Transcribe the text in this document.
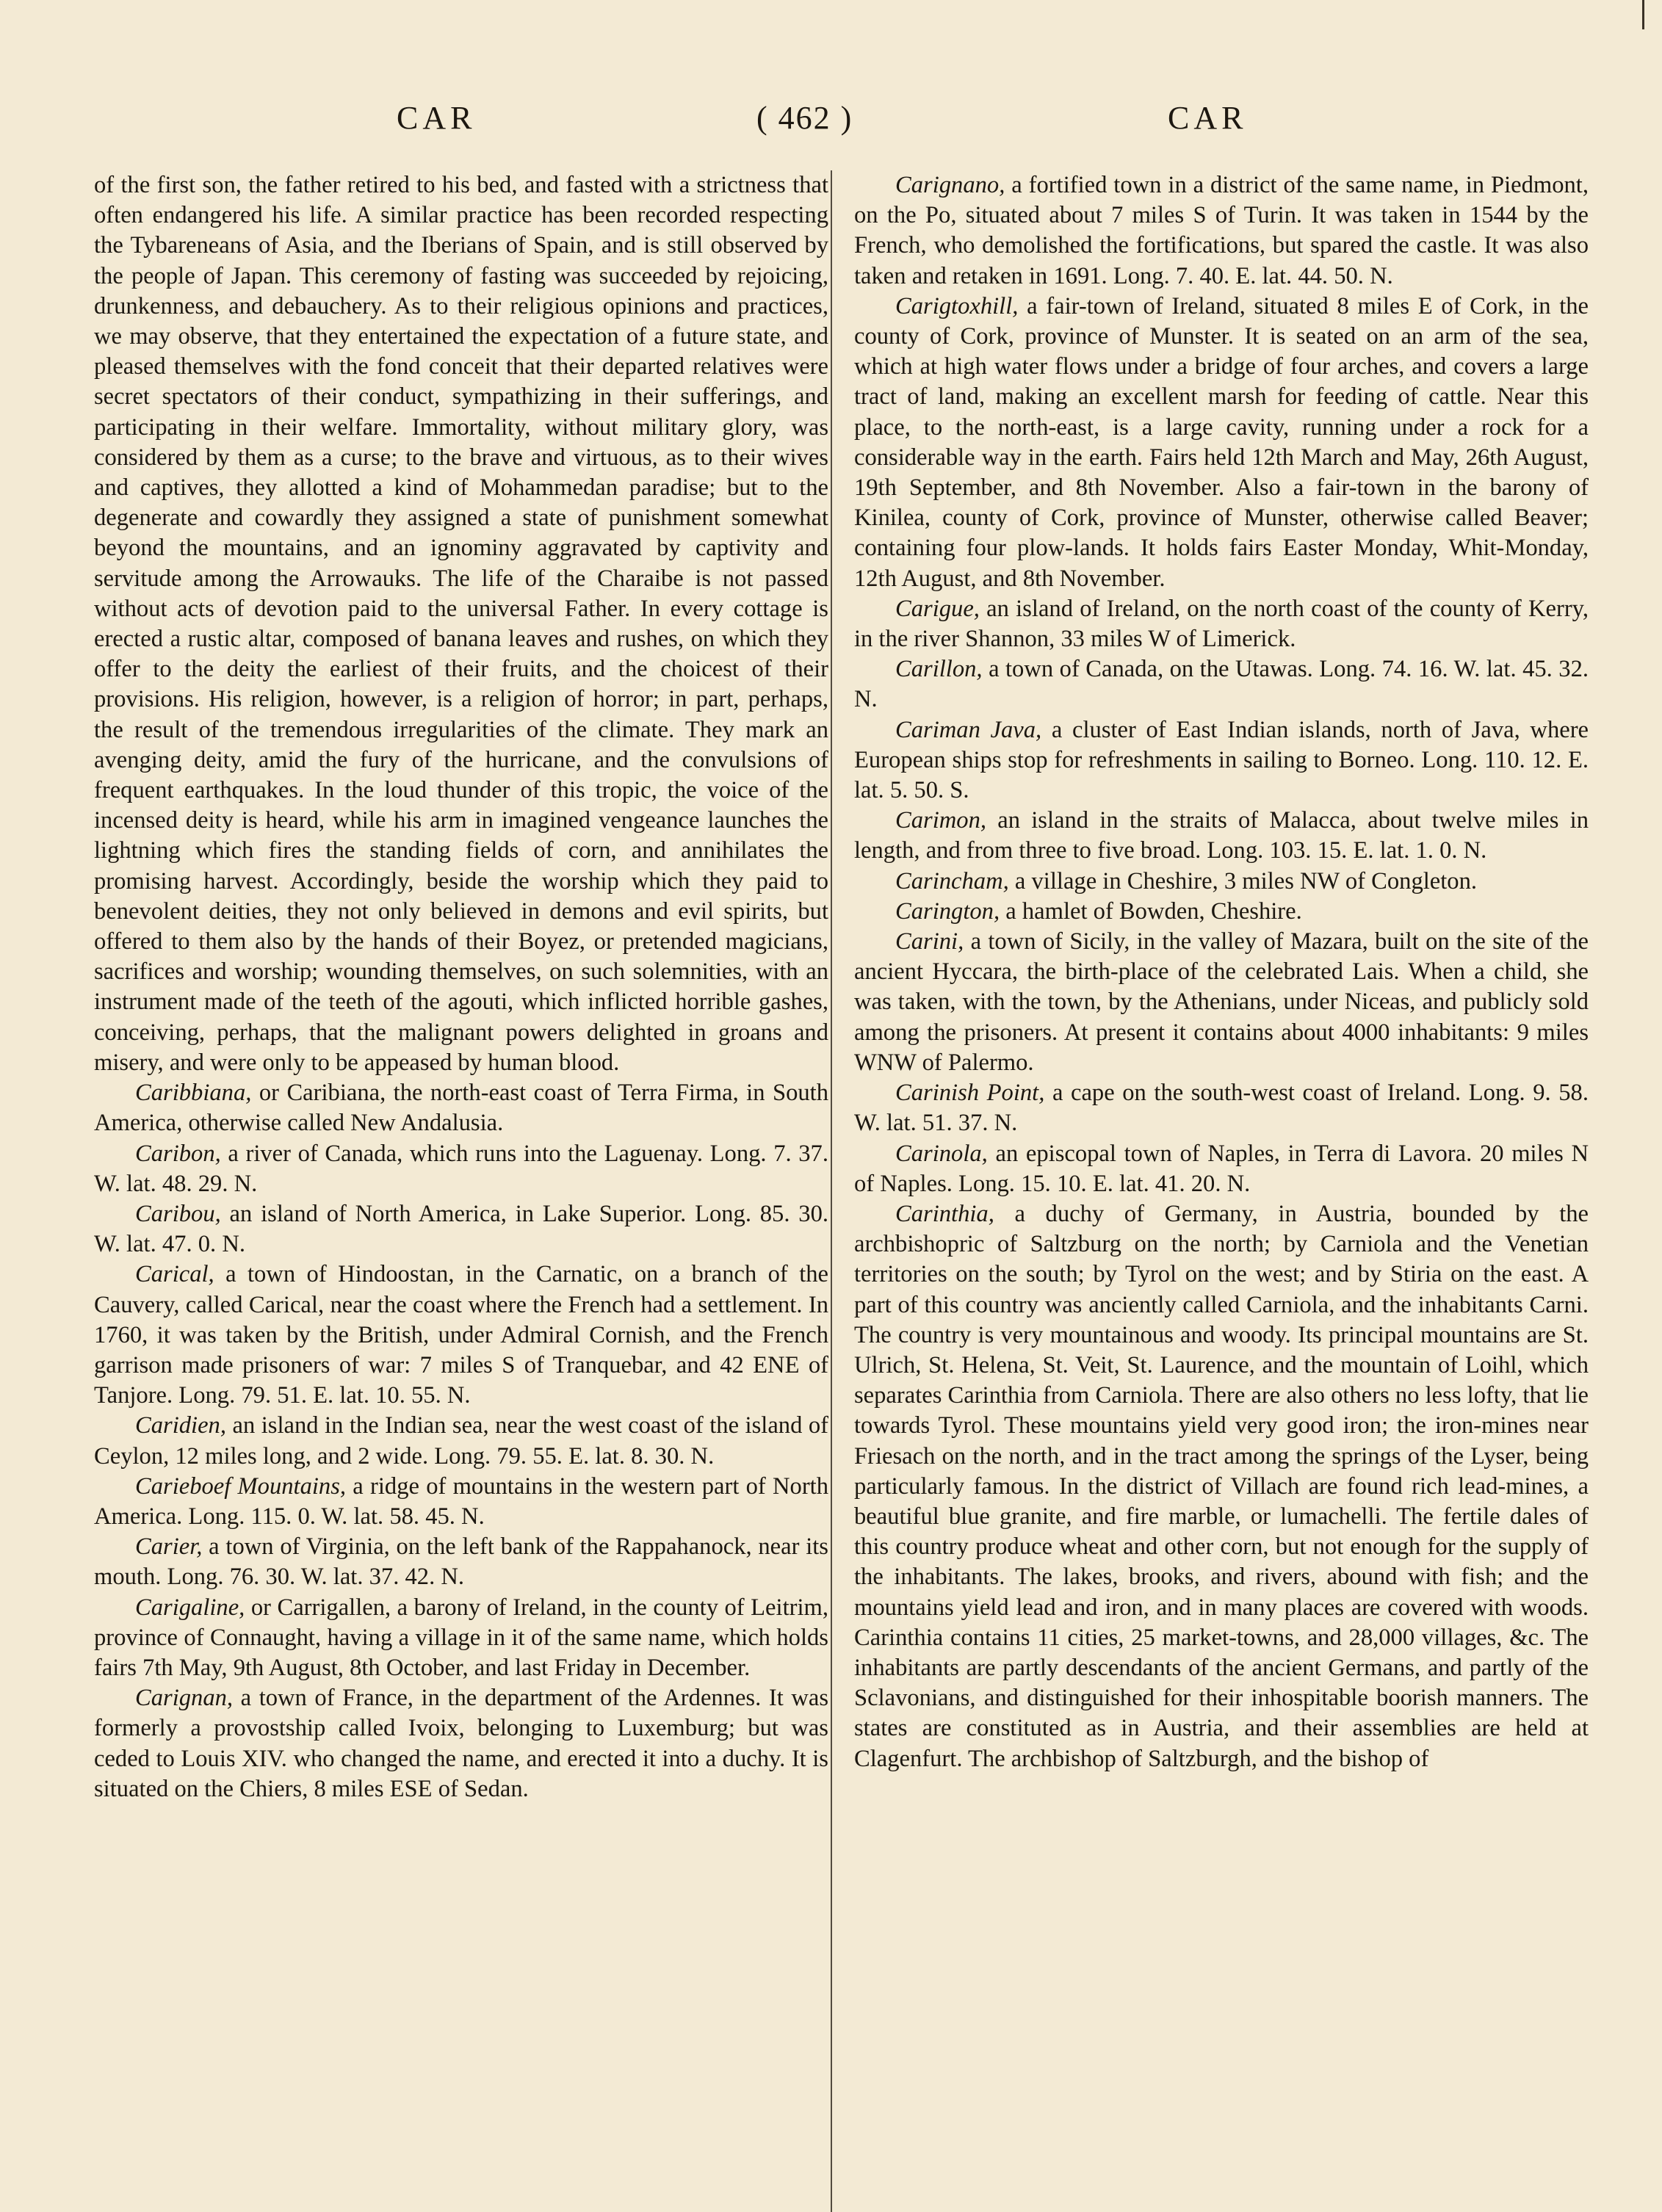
CAR	( 462 )	CAR

of the first son, the father retired to his bed, and fasted with a strictness that often endangered his life. A similar practice has been recorded respecting the Tybareneans of Asia, and the Iberians of Spain, and is still observed by the people of Japan. This ceremony of fasting was succeeded by rejoicing, drunkenness, and debauchery. As to their religious opinions and practices, we may observe, that they entertained the expectation of a future state, and pleased themselves with the fond conceit that their departed relatives were secret spectators of their conduct, sympathizing in their sufferings, and participating in their welfare. Immortality, without military glory, was considered by them as a curse; to the brave and virtuous, as to their wives and captives, they allotted a kind of Mohammedan paradise; but to the degenerate and cowardly they assigned a state of punishment somewhat beyond the mountains, and an ignominy aggravated by captivity and servitude among the Arrowauks. The life of the Charaibe is not passed without acts of devotion paid to the universal Father. In every cottage is erected a rustic altar, composed of banana leaves and rushes, on which they offer to the deity the earliest of their fruits, and the choicest of their provisions. His religion, however, is a religion of horror; in part, perhaps, the result of the tremendous irregularities of the climate. They mark an avenging deity, amid the fury of the hurricane, and the convulsions of frequent earthquakes. In the loud thunder of this tropic, the voice of the incensed deity is heard, while his arm in imagined vengeance launches the lightning which fires the standing fields of corn, and annihilates the promising harvest. Accordingly, beside the worship which they paid to benevolent deities, they not only believed in demons and evil spirits, but offered to them also by the hands of their Boyez, or pretended magicians, sacrifices and worship; wounding themselves, on such solemnities, with an instrument made of the teeth of the agouti, which inflicted horrible gashes, conceiving, perhaps, that the malignant powers delighted in groans and misery, and were only to be appeased by human blood.

Caribbiana, or Caribiana, the north-east coast of Terra Firma, in South America, otherwise called New Andalusia.

Caribon, a river of Canada, which runs into the Laguenay. Long. 7. 37. W. lat. 48. 29. N.

Caribou, an island of North America, in Lake Superior. Long. 85. 30. W. lat. 47. 0. N.

Carical, a town of Hindoostan, in the Carnatic, on a branch of the Cauvery, called Carical, near the coast where the French had a settlement. In 1760, it was taken by the British, under Admiral Cornish, and the French garrison made prisoners of war: 7 miles S of Tranquebar, and 42 ENE of Tanjore. Long. 79. 51. E. lat. 10. 55. N.

Caridien, an island in the Indian sea, near the west coast of the island of Ceylon, 12 miles long, and 2 wide. Long. 79. 55. E. lat. 8. 30. N.

Carieboef Mountains, a ridge of mountains in the western part of North America. Long. 115. 0. W. lat. 58. 45. N.

Carier, a town of Virginia, on the left bank of the Rappahanock, near its mouth. Long. 76. 30. W. lat. 37. 42. N.

Carigaline, or Carrigallen, a barony of Ireland, in the county of Leitrim, province of Connaught, having a village in it of the same name, which holds fairs 7th May, 9th August, 8th October, and last Friday in December.

Carignan, a town of France, in the department of the Ardennes. It was formerly a provostship called Ivoix, belonging to Luxemburg; but was ceded to Louis XIV. who changed the name, and erected it into a duchy. It is situated on the Chiers, 8 miles ESE of Sedan.

Carignano, a fortified town in a district of the same name, in Piedmont, on the Po, situated about 7 miles S of Turin. It was taken in 1544 by the French, who demolished the fortifications, but spared the castle. It was also taken and retaken in 1691. Long. 7. 40. E. lat. 44. 50. N.

Carigtoxhill, a fair-town of Ireland, situated 8 miles E of Cork, in the county of Cork, province of Munster. It is seated on an arm of the sea, which at high water flows under a bridge of four arches, and covers a large tract of land, making an excellent marsh for feeding of cattle. Near this place, to the north-east, is a large cavity, running under a rock for a considerable way in the earth. Fairs held 12th March and May, 26th August, 19th September, and 8th November. Also a fair-town in the barony of Kinilea, county of Cork, province of Munster, otherwise called Beaver; containing four plow-lands. It holds fairs Easter Monday, Whit-Monday, 12th August, and 8th November.

Carigue, an island of Ireland, on the north coast of the county of Kerry, in the river Shannon, 33 miles W of Limerick.

Carillon, a town of Canada, on the Utawas. Long. 74. 16. W. lat. 45. 32. N.

Cariman Java, a cluster of East Indian islands, north of Java, where European ships stop for refreshments in sailing to Borneo. Long. 110. 12. E. lat. 5. 50. S.

Carimon, an island in the straits of Malacca, about twelve miles in length, and from three to five broad. Long. 103. 15. E. lat. 1. 0. N.

Carincham, a village in Cheshire, 3 miles NW of Congleton.

Carington, a hamlet of Bowden, Cheshire.

Carini, a town of Sicily, in the valley of Mazara, built on the site of the ancient Hyccara, the birth-place of the celebrated Lais. When a child, she was taken, with the town, by the Athenians, under Niceas, and publicly sold among the prisoners. At present it contains about 4000 inhabitants: 9 miles WNW of Palermo.

Carinish Point, a cape on the south-west coast of Ireland. Long. 9. 58. W. lat. 51. 37. N.

Carinola, an episcopal town of Naples, in Terra di Lavora. 20 miles N of Naples. Long. 15. 10. E. lat. 41. 20. N.

Carinthia, a duchy of Germany, in Austria, bounded by the archbishopric of Saltzburg on the north; by Carniola and the Venetian territories on the south; by Tyrol on the west; and by Stiria on the east. A part of this country was anciently called Carniola, and the inhabitants Carni. The country is very mountainous and woody. Its principal mountains are St. Ulrich, St. Helena, St. Veit, St. Laurence, and the mountain of Loihl, which separates Carinthia from Carniola. There are also others no less lofty, that lie towards Tyrol. These mountains yield very good iron; the iron-mines near Friesach on the north, and in the tract among the springs of the Lyser, being particularly famous. In the district of Villach are found rich lead-mines, a beautiful blue granite, and fire marble, or lumachelli. The fertile dales of this country produce wheat and other corn, but not enough for the supply of the inhabitants. The lakes, brooks, and rivers, abound with fish; and the mountains yield lead and iron, and in many places are covered with woods. Carinthia contains 11 cities, 25 market-towns, and 28,000 villages, &c. The inhabitants are partly descendants of the ancient Germans, and partly of the Sclavonians, and distinguished for their inhospitable boorish manners. The states are constituted as in Austria, and their assemblies are held at Clagenfurt. The archbishop of Saltzburgh, and the bishop of
